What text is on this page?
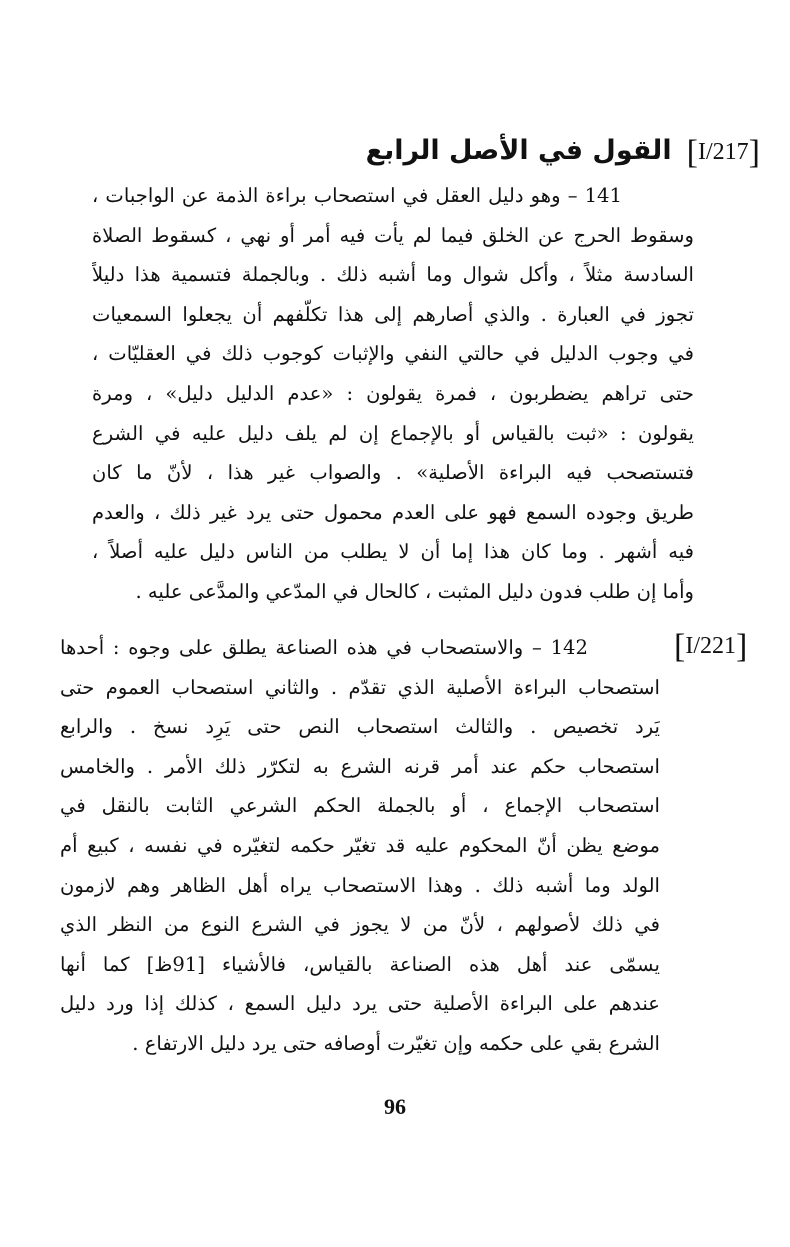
[I/217] القول في الأصل الرابع
141 – وهو دليل العقل في استصحاب براءة الذمة عن الواجبات ،
وسقوط الحرج عن الخلق فيما لم يأت فيه أمر أو نهي ، كسقوط الصلاة
السادسة مثلاً ، وأكل شوال وما أشبه ذلك . وبالجملة فتسمية هذا دليلاً
تجوز في العبارة . والذي أصارهم إلى هذا تكلّفهم أن يجعلوا السمعيات
في وجوب الدليل في حالتي النفي والإثبات كوجوب ذلك في العقليّات ،
حتى تراهم يضطربون ، فمرة يقولون : «عدم الدليل دليل» ، ومرة
يقولون : «ثبت بالقياس أو بالإجماع إن لم يلف دليل عليه في الشرع
فتستصحب فيه البراءة الأصلية» . والصواب غير هذا ، لأنّ ما كان
طريق وجوده السمع فهو على العدم محمول حتى يرد غير ذلك ، والعدم
فيه أشهر . وما كان هذا إما أن لا يطلب من الناس دليل عليه أصلاً ،
وأما إن طلب فدون دليل المثبت ، كالحال في المدّعي والمدَّعى عليه .
[I/221]
142 – والاستصحاب في هذه الصناعة يطلق على وجوه : أحدها
استصحاب البراءة الأصلية الذي تقدّم . والثاني استصحاب العموم حتى
يَرد تخصيص . والثالث استصحاب النص حتى يَرِد نسخ . والرابع
استصحاب حكم عند أمر قرنه الشرع به لتكرّر ذلك الأمر . والخامس
استصحاب الإجماع ، أو بالجملة الحكم الشرعي الثابت بالنقل في
موضع يظن أنّ المحكوم عليه قد تغيّر حكمه لتغيّره في نفسه ، كبيع أم
الولد وما أشبه ذلك . وهذا الاستصحاب يراه أهل الظاهر وهم لازمون
في ذلك لأصولهم ، لأنّ من لا يجوز في الشرع النوع من النظر الذي
يسمّى عند أهل هذه الصناعة بالقياس، فالأشياء [91ظ] كما أنها
عندهم على البراءة الأصلية حتى يرد دليل السمع ، كذلك إذا ورد دليل
الشرع بقي على حكمه وإن تغيّرت أوصافه حتى يرد دليل الارتفاع .
96
